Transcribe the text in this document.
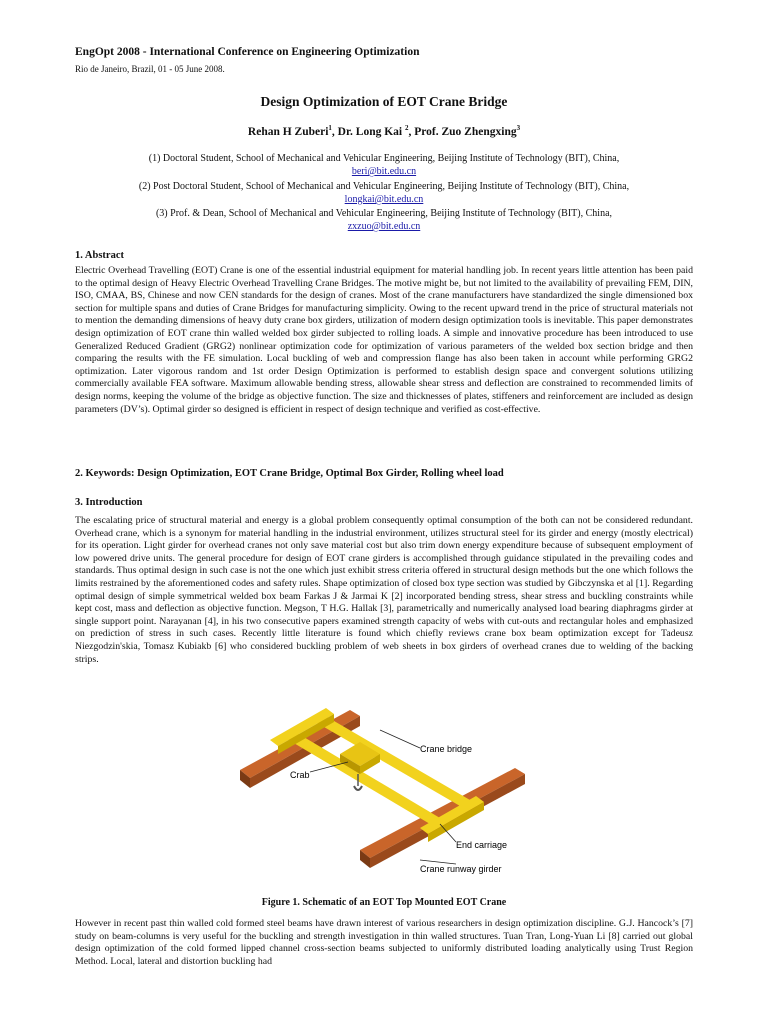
EngOpt 2008 - International Conference on Engineering Optimization
Rio de Janeiro, Brazil, 01 - 05 June 2008.
Design Optimization of EOT Crane Bridge
Rehan H Zuberi$^1$, Dr. Long Kai $^2$, Prof. Zuo Zhengxing$^3$
(1) Doctoral Student, School of Mechanical and Vehicular Engineering, Beijing Institute of Technology (BIT), China,
beri@bit.edu.cn
(2) Post Doctoral Student, School of Mechanical and Vehicular Engineering, Beijing Institute of Technology (BIT), China,
longkai@bit.edu.cn
(3) Prof. & Dean, School of Mechanical and Vehicular Engineering, Beijing Institute of Technology (BIT), China,
zxzuo@bit.edu.cn
1. Abstract
Electric Overhead Travelling (EOT) Crane is one of the essential industrial equipment for material handling job. In recent years little attention has been paid to the optimal design of Heavy Electric Overhead Travelling Crane Bridges. The motive might be, but not limited to the availability of prevailing FEM, DIN, ISO, CMAA, BS, Chinese and now CEN standards for the design of cranes. Most of the crane manufacturers have standardized the single dimensioned box section for multiple spans and duties of Crane Bridges for manufacturing simplicity. Owing to the recent upward trend in the price of structural materials not to mention the demanding dimensions of heavy duty crane box girders, utilization of modern design optimization tools is inevitable. This paper demonstrates design optimization of EOT crane thin walled welded box girder subjected to rolling loads. A simple and innovative procedure has been introduced to use Generalized Reduced Gradient (GRG2) nonlinear optimization code for optimization of various parameters of the welded box section bridge and then comparing the results with the FE simulation. Local buckling of web and compression flange has also been taken in account while performing GRG2 optimization. Later vigorous random and 1st order Design Optimization is performed to establish design space and convergent solutions utilizing commercially available FEA software. Maximum allowable bending stress, allowable shear stress and deflection are constrained to recommended limits of design norms, keeping the volume of the bridge as objective function. The size and thicknesses of plates, stiffeners and reinforcement are included as design parameters (DV’s). Optimal girder so designed is efficient in respect of design technique and verified as cost-effective.
2. Keywords: Design Optimization, EOT Crane Bridge, Optimal Box Girder, Rolling wheel load
3. Introduction
The escalating price of structural material and energy is a global problem consequently optimal consumption of the both can not be considered redundant. Overhead crane, which is a synonym for material handling in the industrial environment, utilizes structural steel for its girder and energy (mostly electrical) for its operation. Light girder for overhead cranes not only save material cost but also trim down energy expenditure because of subsequent employment of low powered drive units. The general procedure for design of EOT crane girders is accomplished through guidance stipulated in the prevailing codes and standards. Thus optimal design in such case is not the one which just exhibit stress criteria offered in structural design methods but the one which follows the limits restrained by the aforementioned codes and safety rules. Shape optimization of closed box type section was studied by Gibczynska et al [1]. Regarding optimal design of simple symmetrical welded box beam Farkas J & Jarmai K [2] incorporated bending stress, shear stress and buckling constraints while kept cost, mass and deflection as objective function. Megson, T H.G. Hallak [3], parametrically and numerically analysed load bearing diaphragms girder at single support point. Narayanan [4], in his two consecutive papers examined strength capacity of webs with cut-outs and rectangular holes and emphasized on prediction of stress in such cases. Recently little literature is found which chiefly reviews crane box beam optimization except for Tadeusz Niezgodzin'skia, Tomasz Kubiakb [6] who considered buckling problem of web sheets in box girders of overhead cranes due to welding of the backing strips.
Crane bridge
Crab
End carriage
Crane runway girder
Figure 1. Schematic of an EOT Top Mounted EOT Crane
However in recent past thin walled cold formed steel beams have drawn interest of various researchers in design optimization discipline. G.J. Hancock’s [7] study on beam-columns is very useful for the buckling and strength investigation in thin walled structures. Tuan Tran, Long-Yuan Li [8] carried out global design optimization of the cold formed lipped channel cross-section beams subjected to uniformly distributed loading analytically using Trust Region Method. Local, lateral and distortion buckling had
